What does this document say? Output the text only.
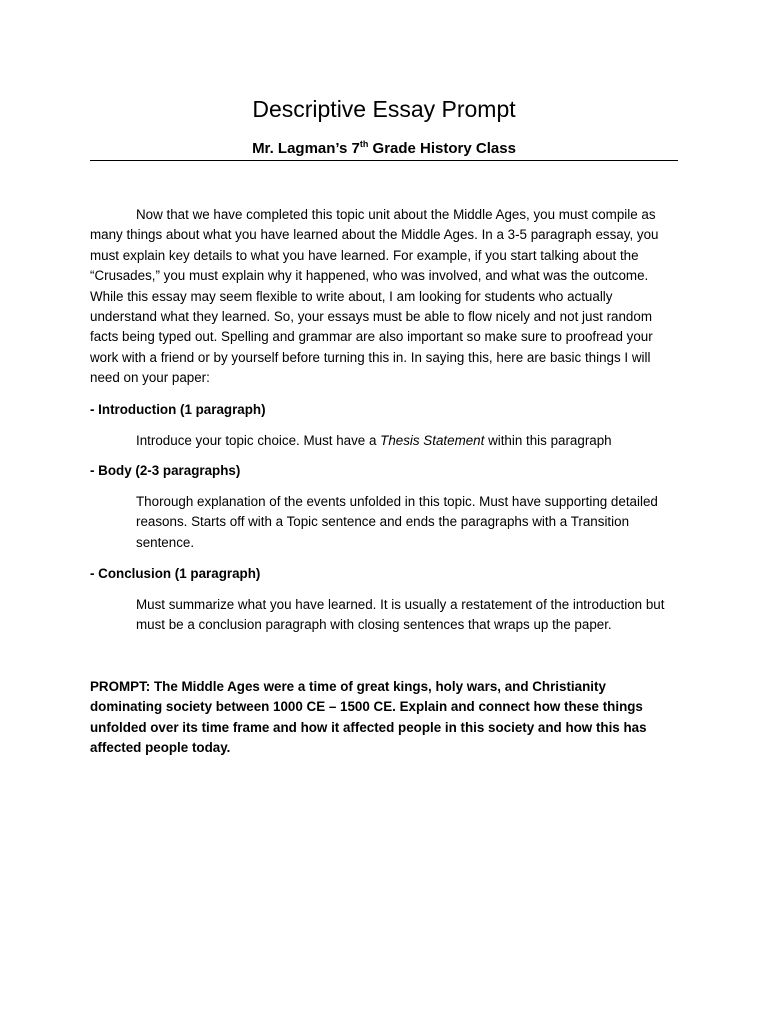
Descriptive Essay Prompt
Mr. Lagman’s 7th Grade History Class

Now that we have completed this topic unit about the Middle Ages, you must compile as many things about what you have learned about the Middle Ages. In a 3-5 paragraph essay, you must explain key details to what you have learned. For example, if you start talking about the “Crusades,” you must explain why it happened, who was involved, and what was the outcome. While this essay may seem flexible to write about, I am looking for students who actually understand what they learned. So, your essays must be able to flow nicely and not just random facts being typed out. Spelling and grammar are also important so make sure to proofread your work with a friend or by yourself before turning this in. In saying this, here are basic things I will need on your paper:

- Introduction (1 paragraph)

Introduce your topic choice. Must have a Thesis Statement within this paragraph

- Body (2-3 paragraphs)

Thorough explanation of the events unfolded in this topic. Must have supporting detailed reasons. Starts off with a Topic sentence and ends the paragraphs with a Transition sentence.

- Conclusion (1 paragraph)

Must summarize what you have learned. It is usually a restatement of the introduction but must be a conclusion paragraph with closing sentences that wraps up the paper.

PROMPT: The Middle Ages were a time of great kings, holy wars, and Christianity dominating society between 1000 CE – 1500 CE. Explain and connect how these things unfolded over its time frame and how it affected people in this society and how this has affected people today.
